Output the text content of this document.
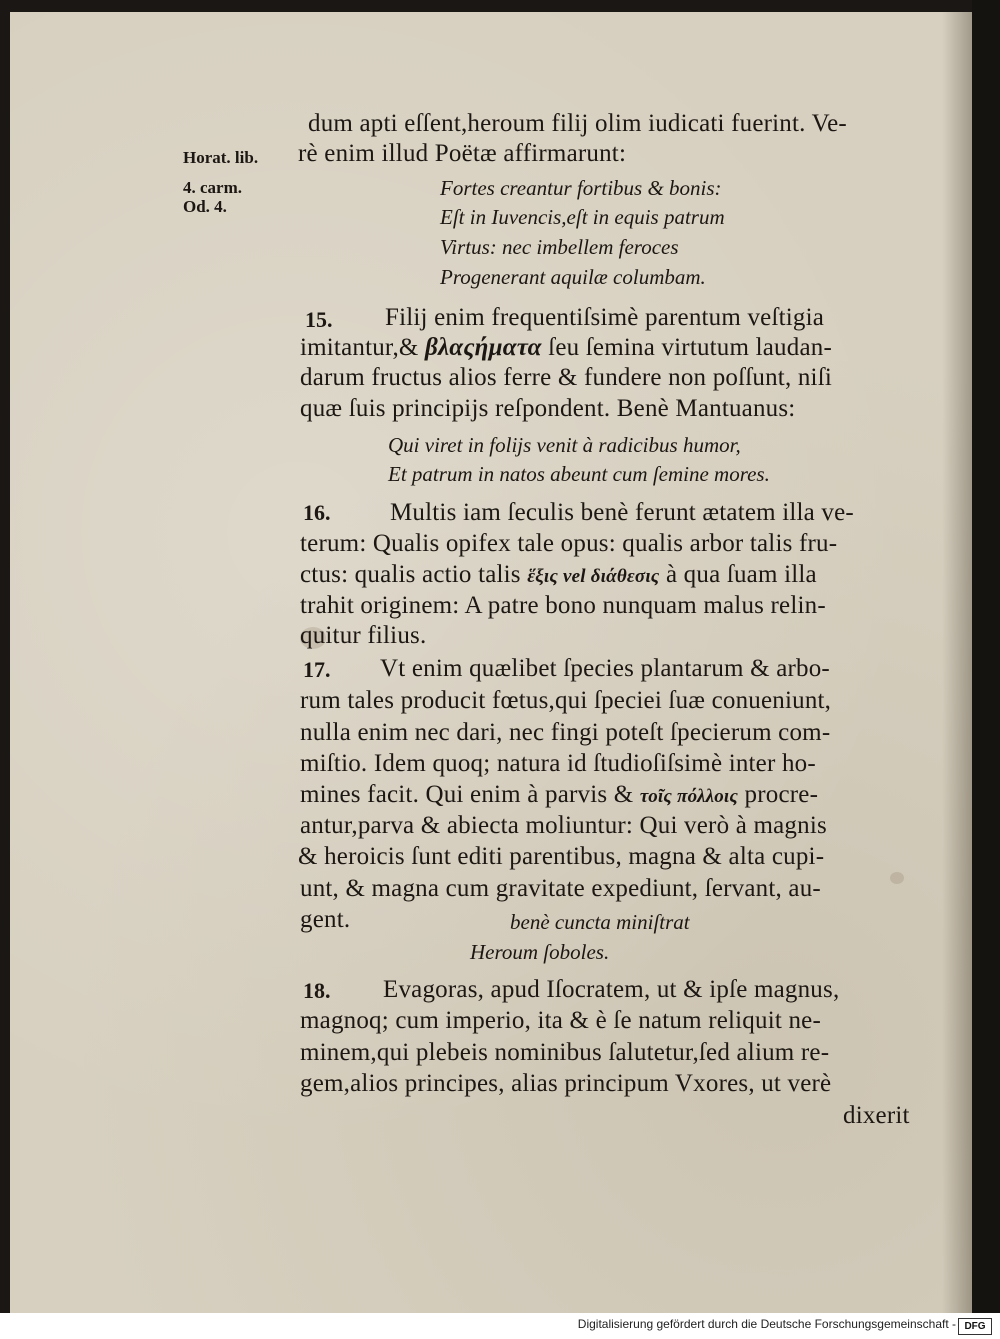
Horat. lib.
4. carm.
Od. 4.
dum apti eſſent,heroum filij olim iudicati fuerint. Ve-
rè enim illud Poëtæ affirmarunt:
Fortes creantur fortibus & bonis:
Eſt in Iuvencis,eſt in equis patrum
Virtus: nec imbellem feroces
Progenerant aquilæ columbam.
15. Filij enim frequentiſsimè parentum veſtigia
imitantur,& βλαςήματα ſeu ſemina virtutum laudan-
darum fructus alios ferre & fundere non poſſunt, niſi
quæ ſuis principijs reſpondent. Benè Mantuanus:
Qui viret in folijs venit à radicibus humor,
Et patrum in natos abeunt cum ſemine mores.
16. Multis iam ſeculis benè ferunt ætatem illa ve-
terum: Qualis opifex tale opus: qualis arbor talis fru-
ctus: qualis actio talis ἕξις vel διάθεσις à qua ſuam illa
trahit originem: A patre bono nunquam malus relin-
quitur filius.
17. Vt enim quælibet ſpecies plantarum & arbo-
rum tales producit fœtus,qui ſpeciei ſuæ conueniunt,
nulla enim nec dari, nec fingi poteſt ſpecierum com-
miſtio. Idem quoq; natura id ſtudioſiſsimè inter ho-
mines facit. Qui enim à parvis & τοῖς πόλλοις procre-
antur,parva & abiecta moliuntur: Qui verò à magnis
& heroicis ſunt editi parentibus, magna & alta cupi-
unt, & magna cum gravitate expediunt, ſervant, au-
gent.	benè cuncta miniſtrat
Heroum ſoboles.
18. Evagoras, apud Iſocratem, ut & ipſe magnus,
magnoq; cum imperio, ita & è ſe natum reliquit ne-
minem,qui plebeis nominibus ſalutetur,ſed alium re-
gem,alios principes, alias principum Vxores, ut verè
dixerit
Digitalisierung gefördert durch die Deutsche Forschungsgemeinschaft - DFG
